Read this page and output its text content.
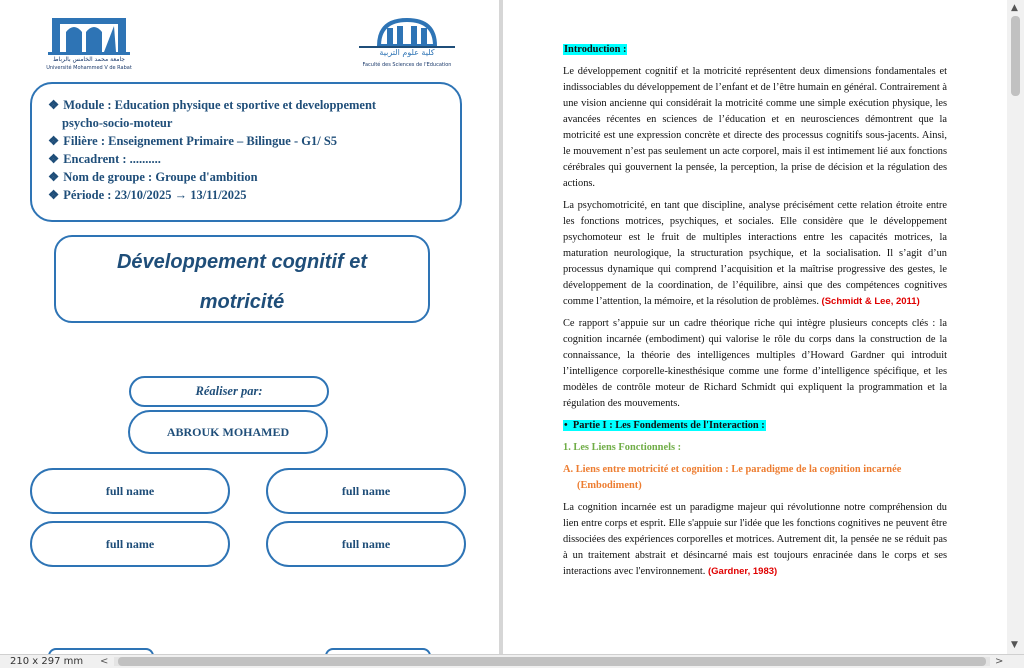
جامعة محمد الخامس بالرباط
Université Mohammed V de Rabat
كلية علوم التربية
Faculté des Sciences de l'Education
❖ Module : Education physique et sportive et developpement
psycho-socio-moteur
❖ Filière : Enseignement Primaire – Bilingue - G1/ S5
❖ Encadrent : ..........
❖ Nom de groupe : Groupe d'ambition
❖ Période : 23/10/2025 → 13/11/2025
Développement cognitif et
motricité
Réaliser par:
ABROUK MOHAMED
full name	full name
full name	full name
Introduction :

Le développement cognitif et la motricité représentent deux dimensions fondamentales et indissociables du développement de l’enfant et de l’être humain en général. Contrairement à une vision ancienne qui considérait la motricité comme une simple exécution physique, les avancées récentes en sciences de l’éducation et en neurosciences démontrent que la motricité est une expression concrète et directe des processus cognitifs sous-jacents. Ainsi, le mouvement n’est pas seulement un acte corporel, mais il est intimement lié aux fonctions cérébrales qui gouvernent la pensée, la perception, la prise de décision et la régulation des actions.

La psychomotricité, en tant que discipline, analyse précisément cette relation étroite entre les fonctions motrices, psychiques, et sociales. Elle considère que le développement psychomoteur est le fruit de multiples interactions entre les capacités motrices, la maturation neurologique, la structuration psychique, et la socialisation. Il s’agit d’un processus dynamique qui comprend l’acquisition et la maîtrise progressive des gestes, le développement de la coordination, de l’équilibre, ainsi que des compétences cognitives comme l’attention, la mémoire, et la résolution de problèmes. (Schmidt & Lee, 2011)

Ce rapport s’appuie sur un cadre théorique riche qui intègre plusieurs concepts clés : la cognition incarnée (embodiment) qui valorise le rôle du corps dans la construction de la connaissance, la théorie des intelligences multiples d’Howard Gardner qui introduit l’intelligence corporelle-kinesthésique comme une forme d’intelligence spécifique, et les modèles de contrôle moteur de Richard Schmidt qui expliquent la programmation et la régulation des mouvements.

• Partie I : Les Fondements de l'Interaction :
1. Les Liens Fonctionnels :
A. Liens entre motricité et cognition : Le paradigme de la cognition incarnée (Embodiment)

La cognition incarnée est un paradigme majeur qui révolutionne notre compréhension du lien entre corps et esprit. Elle s'appuie sur l'idée que les fonctions cognitives ne peuvent être dissociées des expériences corporelles et motrices. Autrement dit, la pensée ne se réduit pas à un traitement abstrait et désincarné mais est toujours enracinée dans le corps et ses interactions avec l'environnement. (Gardner, 1983)

▲
▼
210 x 297 mm <	>
